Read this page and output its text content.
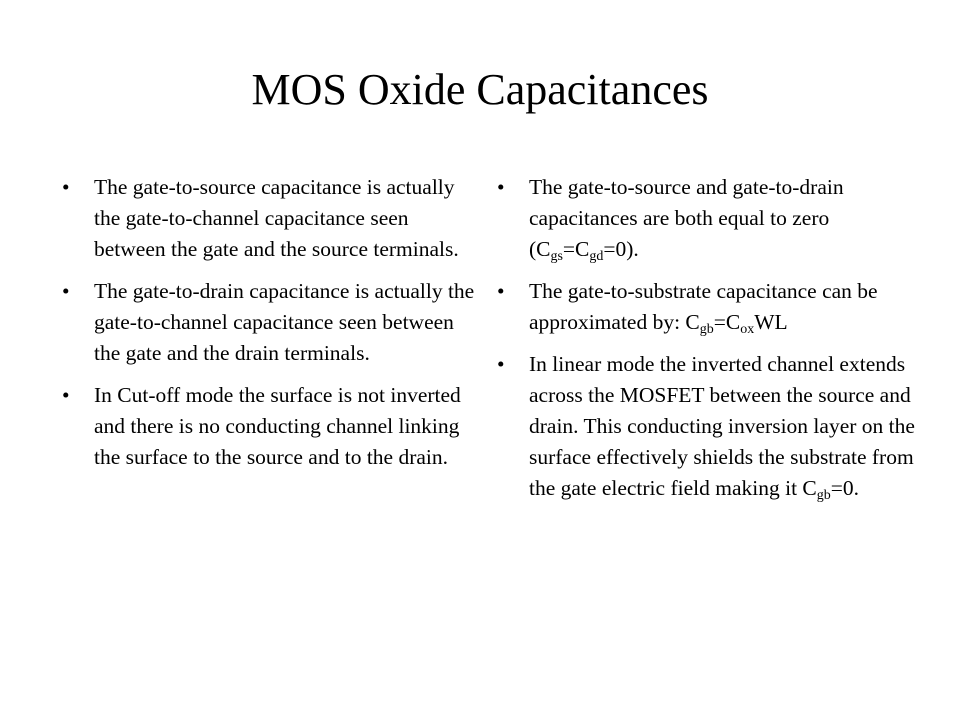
MOS Oxide Capacitances
• The gate-to-source capacitance is actually the gate-to-channel capacitance seen between the gate and the source terminals.
• The gate-to-drain capacitance is actually the gate-to-channel capacitance seen between the gate and the drain terminals.
• In Cut-off mode the surface is not inverted and there is no conducting channel linking the surface to the source and to the drain.
• The gate-to-source and gate-to-drain capacitances are both equal to zero $(C_{gs}=C_{gd}=0)$.
• The gate-to-substrate capacitance can be approximated by: $C_{gb}=C_{ox}WL$
• In linear mode the inverted channel extends across the MOSFET between the source and drain. This conducting inversion layer on the surface effectively shields the substrate from the gate electric field making it $C_{gb}=0$.
